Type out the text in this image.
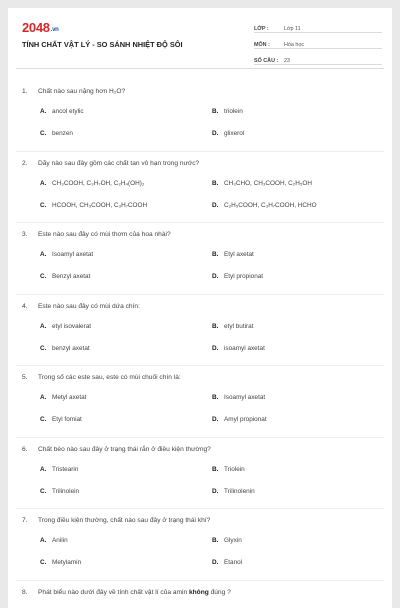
2048.vn
TÍNH CHẤT VẬT LÝ - SO SÁNH NHIỆT ĐỘ SÔI
LỚP :	Lớp 11
MÔN :	Hóa học
SỐ CÂU :	23
1.	Chất nào sau nặng hơn H₂O?
A. ancol etylic	B. triolein
C. benzen	D. glixerol
2.	Dãy nào sau đây gồm các chất tan vô hạn trong nước?
A. CH₃COOH, C₃H₇OH, C₂H₄(OH)₂	B. CH₃CHO, CH₃COOH, C₂H₅OH
C. HCOOH, CH₃COOH, C₃H₇COOH	D. C₂H₅COOH, C₃H₇COOH, HCHO
3.	Este nào sau đây có mùi thơm của hoa nhài?
A. Isoamyl axetat	B. Etyl axetat
C. Benzyl axetat	D. Etyl propionat
4.	Este nào sau đây có mùi dứa chín:
A. etyl isovalerat	B. etyl butirat
C. benzyl axetat	D. isoamyl axetat
5.	Trong số các este sau, este có mùi chuối chín là:
A. Metyl axetat	B. Isoamyl axetat
C. Etyl fomiat	D. Amyl propionat
6.	Chất béo nào sau đây ở trạng thái rắn ở điều kiện thường?
A. Tristearin	B. Triolein
C. Trilinolein	D. Trilinolenin
7.	Trong điều kiện thường, chất nào sau đây ở trạng thái khí?
A. Anilin	B. Glyxin
C. Metylamin	D. Etanol
8.	Phát biểu nào dưới đây về tính chất vật lí của amin không đúng ?
